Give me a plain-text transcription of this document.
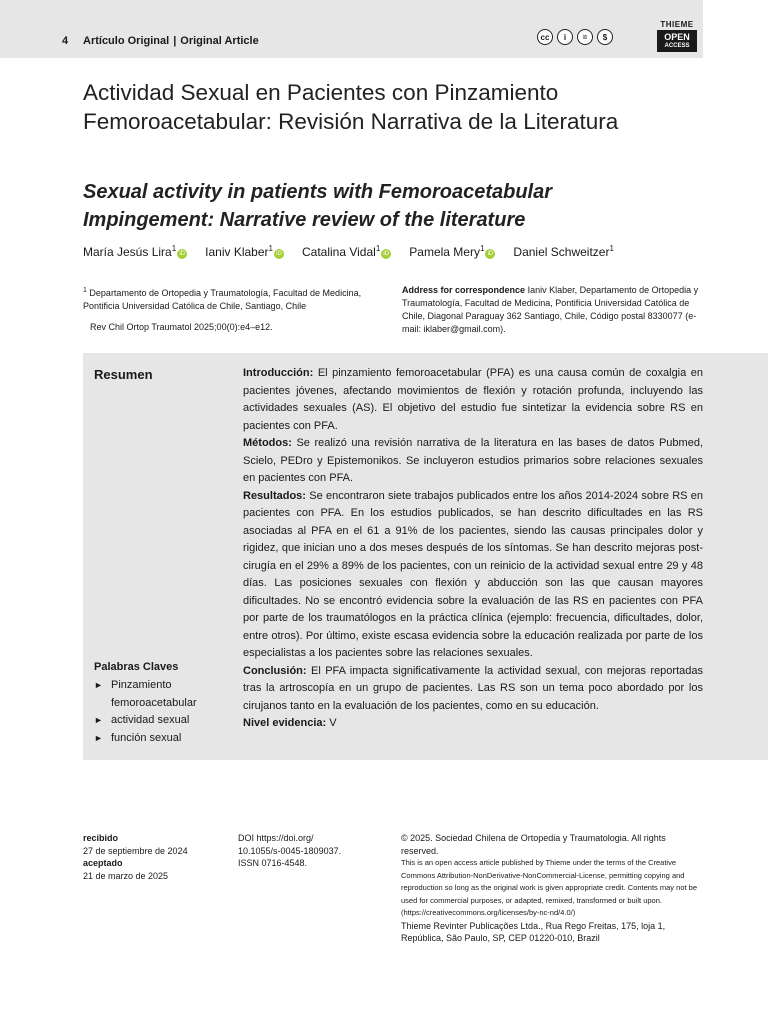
4 Artículo Original | Original Article	cc	i	=	$
THIEME
OPEN
ACCESS
Actividad Sexual en Pacientes con Pinzamiento Femoroacetabular: Revisión Narrativa de la Literatura
Sexual activity in patients with Femoroacetabular Impingement: Narrative review of the literature
María Jesús Lira$^1$iD Ianiv Klaber$^1$iD Catalina Vidal$^1$iD Pamela Mery$^1$iD Daniel Schweitzer$^1$
$^1$ Departamento de Ortopedia y Traumatología, Facultad de Medicina, Pontificia Universidad Católica de Chile, Santiago, Chile
Rev Chil Ortop Traumatol 2025;00(0):e4–e12.
Address for correspondence Ianiv Klaber, Departamento de Ortopedia y Traumatología, Facultad de Medicina, Pontificia Universidad Católica de Chile, Diagonal Paraguay 362 Santiago, Chile, Código postal 8330077 (e-mail: iklaber@gmail.com).
Resumen	Introducción: El pinzamiento femoroacetabular (PFA) es una causa común de coxalgia en pacientes jóvenes, afectando movimientos de flexión y rotación profunda, incluyendo las actividades sexuales (AS). El objetivo del estudio fue sintetizar la evidencia sobre RS en pacientes con PFA.

Métodos: Se realizó una revisión narrativa de la literatura en las bases de datos Pubmed, Scielo, PEDro y Epistemonikos. Se incluyeron estudios primarios sobre relaciones sexuales en pacientes con PFA.

Resultados: Se encontraron siete trabajos publicados entre los años 2014-2024 sobre RS en pacientes con PFA. En los estudios publicados, se han descrito dificultades en las RS asociadas al PFA en el 61 a 91% de los pacientes, siendo las causas principales dolor y rigidez, que inician uno a dos meses después de los síntomas. Se han descrito mejoras post-cirugía en el 29% a 89% de los pacientes, con un reinicio de la actividad sexual entre 29 y 48 días. Las posiciones sexuales con flexión y abducción son las que causan mayores dificultades. No se encontró evidencia sobre la evaluación de las RS en pacientes con PFA por parte de los traumatólogos en la práctica clínica (ejemplo: frecuencia, dificultades, dolor, entre otros). Por último, existe escasa evidencia sobre la educación realizada por parte de los especialistas a los pacientes sobre las relaciones sexuales.

Conclusión: El PFA impacta significativamente la actividad sexual, con mejoras reportadas tras la artroscopía en un grupo de pacientes. Las RS son un tema poco abordado por los cirujanos tanto en la evaluación de los pacientes, como en su educación.

Nivel evidencia: V

Palabras Claves
► Pinzamiento femoroacetabular
► actividad sexual
► función sexual
recibido
27 de septiembre de 2024
aceptado
21 de marzo de 2025
DOI https://doi.org/
10.1055/s-0045-1809037.
ISSN 0716-4548.
© 2025. Sociedad Chilena de Ortopedia y Traumatologia. All rights reserved.
This is an open access article published by Thieme under the terms of the Creative Commons Attribution-NonDerivative-NonCommercial-License, permitting copying and reproduction so long as the original work is given appropriate credit. Contents may not be used for commercial purposes, or adapted, remixed, transformed or built upon. (https://creativecommons.org/licenses/by-nc-nd/4.0/)
Thieme Revinter Publicações Ltda., Rua Rego Freitas, 175, loja 1, República, São Paulo, SP, CEP 01220-010, Brazil
